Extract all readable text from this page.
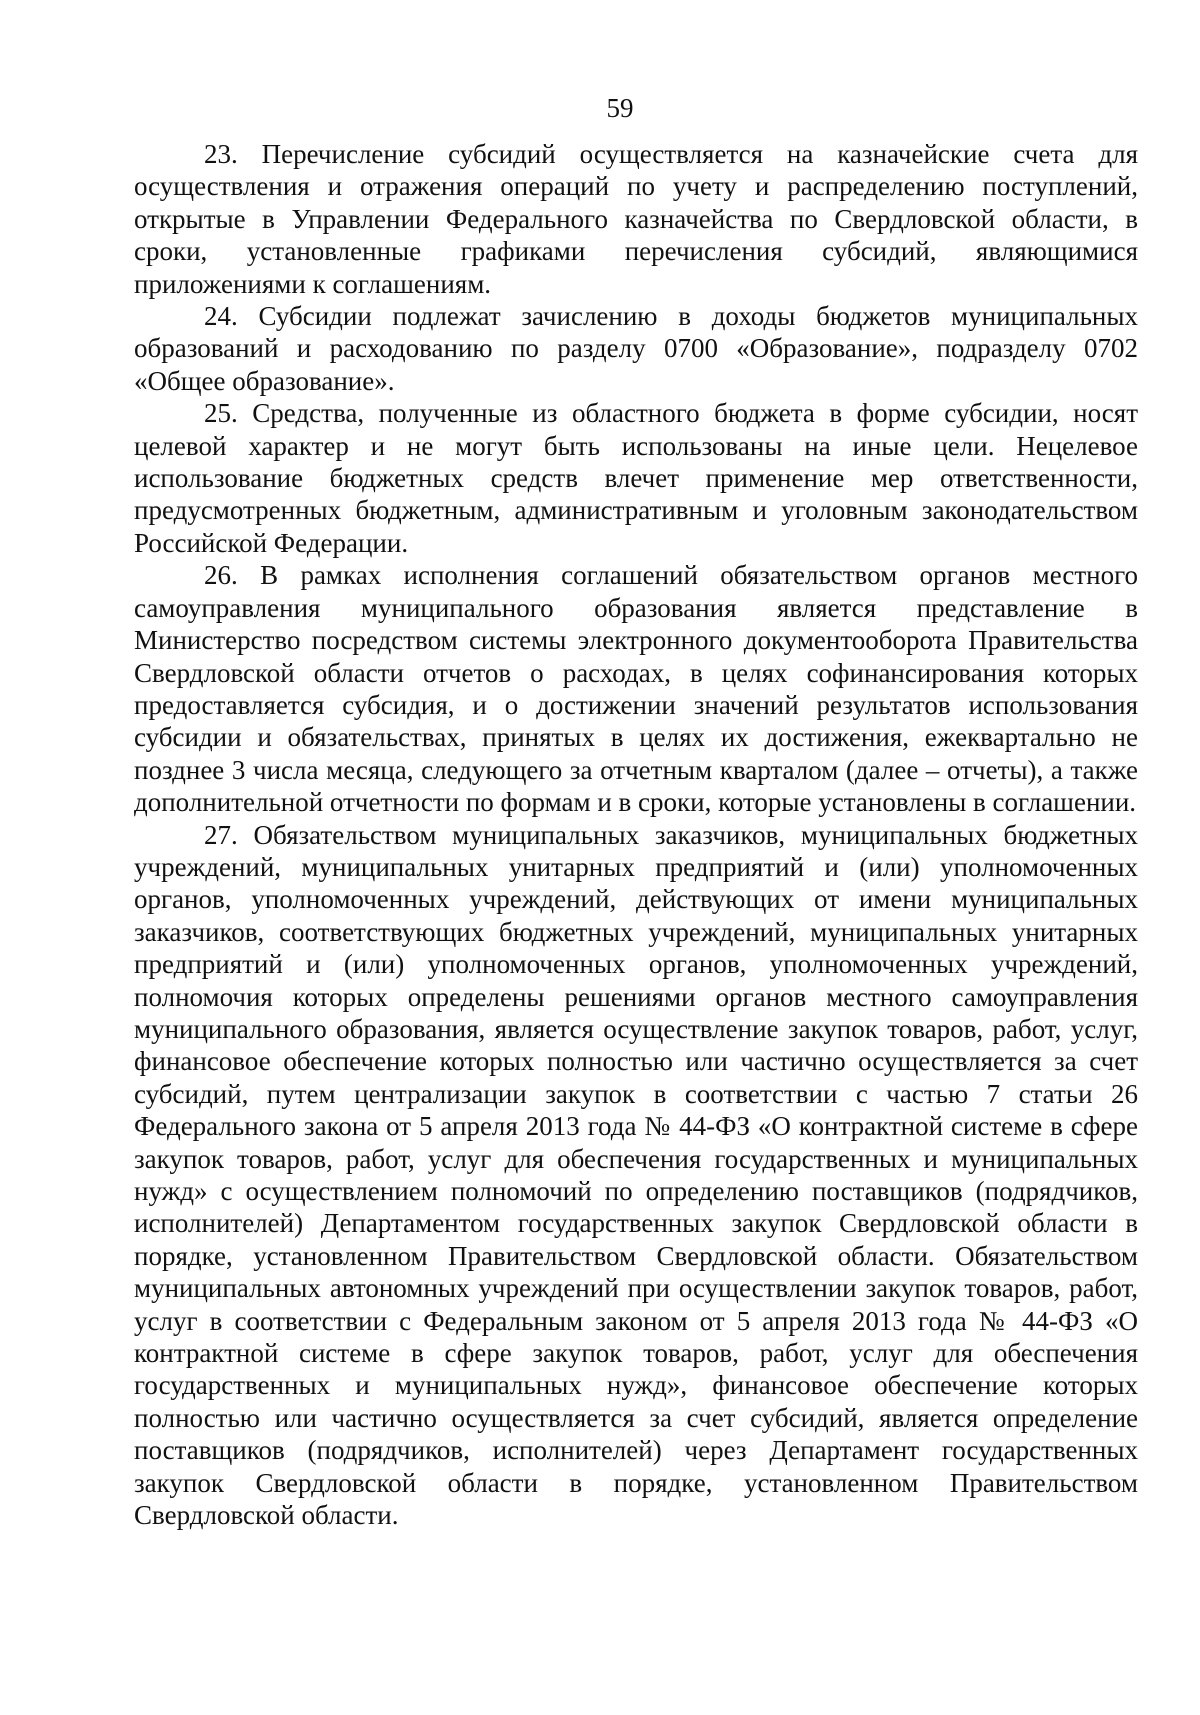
59

23. Перечисление субсидий осуществляется на казначейские счета для осуществления и отражения операций по учету и распределению поступлений, открытые в Управлении Федерального казначейства по Свердловской области, в сроки, установленные графиками перечисления субсидий, являющимися приложениями к соглашениям.

24. Субсидии подлежат зачислению в доходы бюджетов муниципальных образований и расходованию по разделу 0700 «Образование», подразделу 0702 «Общее образование».

25. Средства, полученные из областного бюджета в форме субсидии, носят целевой характер и не могут быть использованы на иные цели. Нецелевое использование бюджетных средств влечет применение мер ответственности, предусмотренных бюджетным, административным и уголовным законодательством Российской Федерации.

26. В рамках исполнения соглашений обязательством органов местного самоуправления муниципального образования является представление в Министерство посредством системы электронного документооборота Правительства Свердловской области отчетов о расходах, в целях софинансирования которых предоставляется субсидия, и о достижении значений результатов использования субсидии и обязательствах, принятых в целях их достижения, ежеквартально не позднее 3 числа месяца, следующего за отчетным кварталом (далее – отчеты), а также дополнительной отчетности по формам и в сроки, которые установлены в соглашении.

27. Обязательством муниципальных заказчиков, муниципальных бюджетных учреждений, муниципальных унитарных предприятий и (или) уполномоченных органов, уполномоченных учреждений, действующих от имени муниципальных заказчиков, соответствующих бюджетных учреждений, муниципальных унитарных предприятий и (или) уполномоченных органов, уполномоченных учреждений, полномочия которых определены решениями органов местного самоуправления муниципального образования, является осуществление закупок товаров, работ, услуг, финансовое обеспечение которых полностью или частично осуществляется за счет субсидий, путем централизации закупок в соответствии с частью 7 статьи 26 Федерального закона от 5 апреля 2013 года № 44-ФЗ «О контрактной системе в сфере закупок товаров, работ, услуг для обеспечения государственных и муниципальных нужд» с осуществлением полномочий по определению поставщиков (подрядчиков, исполнителей) Департаментом государственных закупок Свердловской области в порядке, установленном Правительством Свердловской области. Обязательством муниципальных автономных учреждений при осуществлении закупок товаров, работ, услуг в соответствии с Федеральным законом от 5 апреля 2013 года № 44-ФЗ «О контрактной системе в сфере закупок товаров, работ, услуг для обеспечения государственных и муниципальных нужд», финансовое обеспечение которых полностью или частично осуществляется за счет субсидий, является определение поставщиков (подрядчиков, исполнителей) через Департамент государственных закупок Свердловской области в порядке, установленном Правительством Свердловской области.
